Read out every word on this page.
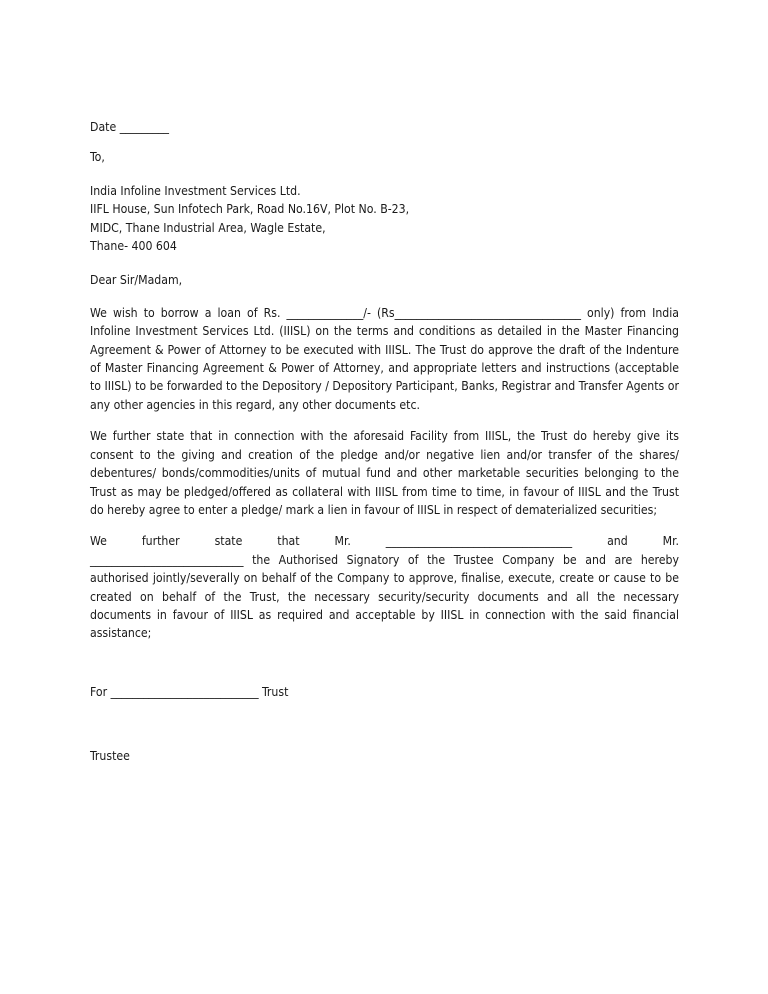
Date _________
To,
India Infoline Investment Services Ltd.
IIFL House, Sun Infotech Park, Road No.16V, Plot No. B-23,
MIDC, Thane Industrial Area, Wagle Estate,
Thane- 400 604
Dear Sir/Madam,

We wish to borrow a loan of Rs. ______________/- (Rs__________________________________ only) from India Infoline Investment Services Ltd. (IIISL) on the terms and conditions as detailed in the Master Financing Agreement & Power of Attorney to be executed with IIISL. The Trust do approve the draft of the Indenture of Master Financing Agreement & Power of Attorney, and appropriate letters and instructions (acceptable to IIISL) to be forwarded to the Depository / Depository Participant, Banks, Registrar and Transfer Agents or any other agencies in this regard, any other documents etc.

We further state that in connection with the aforesaid Facility from IIISL, the Trust do hereby give its consent to the giving and creation of the pledge and/or negative lien and/or transfer of the shares/ debentures/ bonds/commodities/units of mutual fund and other marketable securities belonging to the Trust as may be pledged/offered as collateral with IIISL from time to time, in favour of IIISL and the Trust do hereby agree to enter a pledge/ mark a lien in favour of IIISL in respect of dematerialized securities;

We further state that Mr. __________________________________ and Mr.
____________________________ the Authorised Signatory of the Trustee Company be and are hereby authorised jointly/severally on behalf of the Company to approve, finalise, execute, create or cause to be created on behalf of the Trust, the necessary security/security documents and all the necessary documents in favour of IIISL as required and acceptable by IIISL in connection with the said financial assistance;
For ___________________________ Trust
Trustee
